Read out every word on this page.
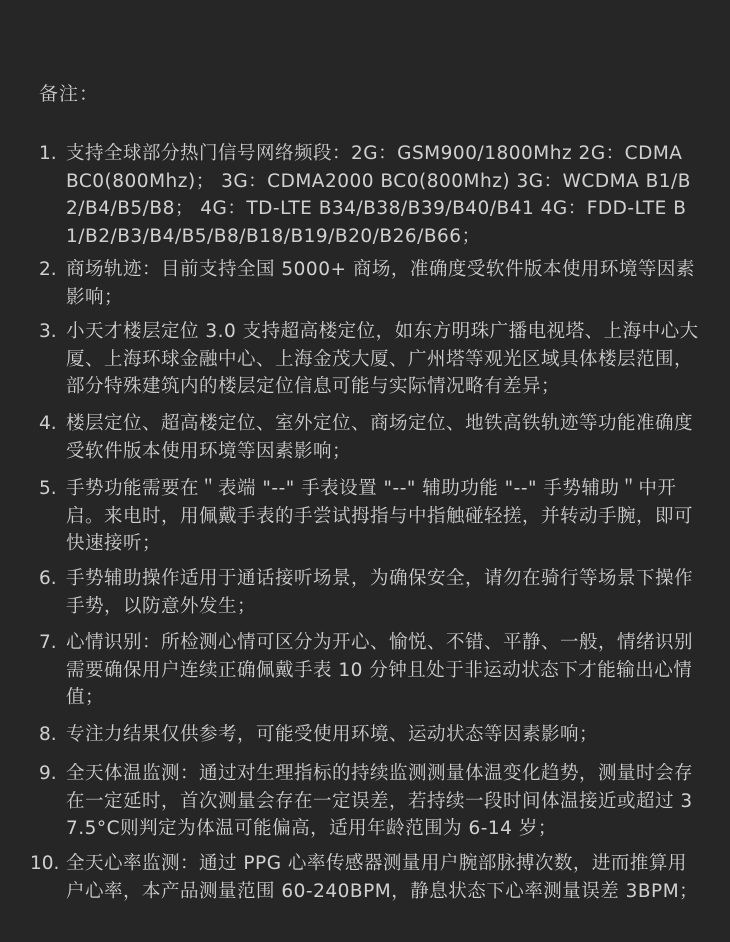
备注：
1. 支持全球部分热门信号网络频段：2G：GSM900/1800Mhz 2G：CDMA BC0(800Mhz)； 3G：CDMA2000 BC0(800Mhz) 3G：WCDMA B1/B2/B4/B5/B8； 4G：TD-LTE B34/B38/B39/B40/B41 4G：FDD-LTE B1/B2/B3/B4/B5/B8/B18/B19/B20/B26/B66；
2. 商场轨迹：目前支持全国 5000+ 商场，准确度受软件版本使用环境等因素影响；
3. 小天才楼层定位 3.0 支持超高楼定位，如东方明珠广播电视塔、上海中心大厦、上海环球金融中心、上海金茂大厦、广州塔等观光区域具体楼层范围，部分特殊建筑内的楼层定位信息可能与实际情况略有差异；
4. 楼层定位、超高楼定位、室外定位、商场定位、地铁高铁轨迹等功能准确度受软件版本使用环境等因素影响；
5. 手势功能需要在＂表端 "--" 手表设置 "--" 辅助功能 "--" 手势辅助＂中开启。来电时，用佩戴手表的手尝试拇指与中指触碰轻搓，并转动手腕，即可快速接听；
6. 手势辅助操作适用于通话接听场景，为确保安全，请勿在骑行等场景下操作手势，以防意外发生；
7. 心情识别：所检测心情可区分为开心、愉悦、不错、平静、一般，情绪识别需要确保用户连续正确佩戴手表 10 分钟且处于非运动状态下才能输出心情值；
8. 专注力结果仅供参考，可能受使用环境、运动状态等因素影响；
9. 全天体温监测：通过对生理指标的持续监测测量体温变化趋势，测量时会存在一定延时，首次测量会存在一定误差，若持续一段时间体温接近或超过 37.5°C则判定为体温可能偏高，适用年龄范围为 6-14 岁；
10. 全天心率监测：通过 PPG 心率传感器测量用户腕部脉搏次数，进而推算用户心率，本产品测量范围 60-240BPM，静息状态下心率测量误差 3BPM；
